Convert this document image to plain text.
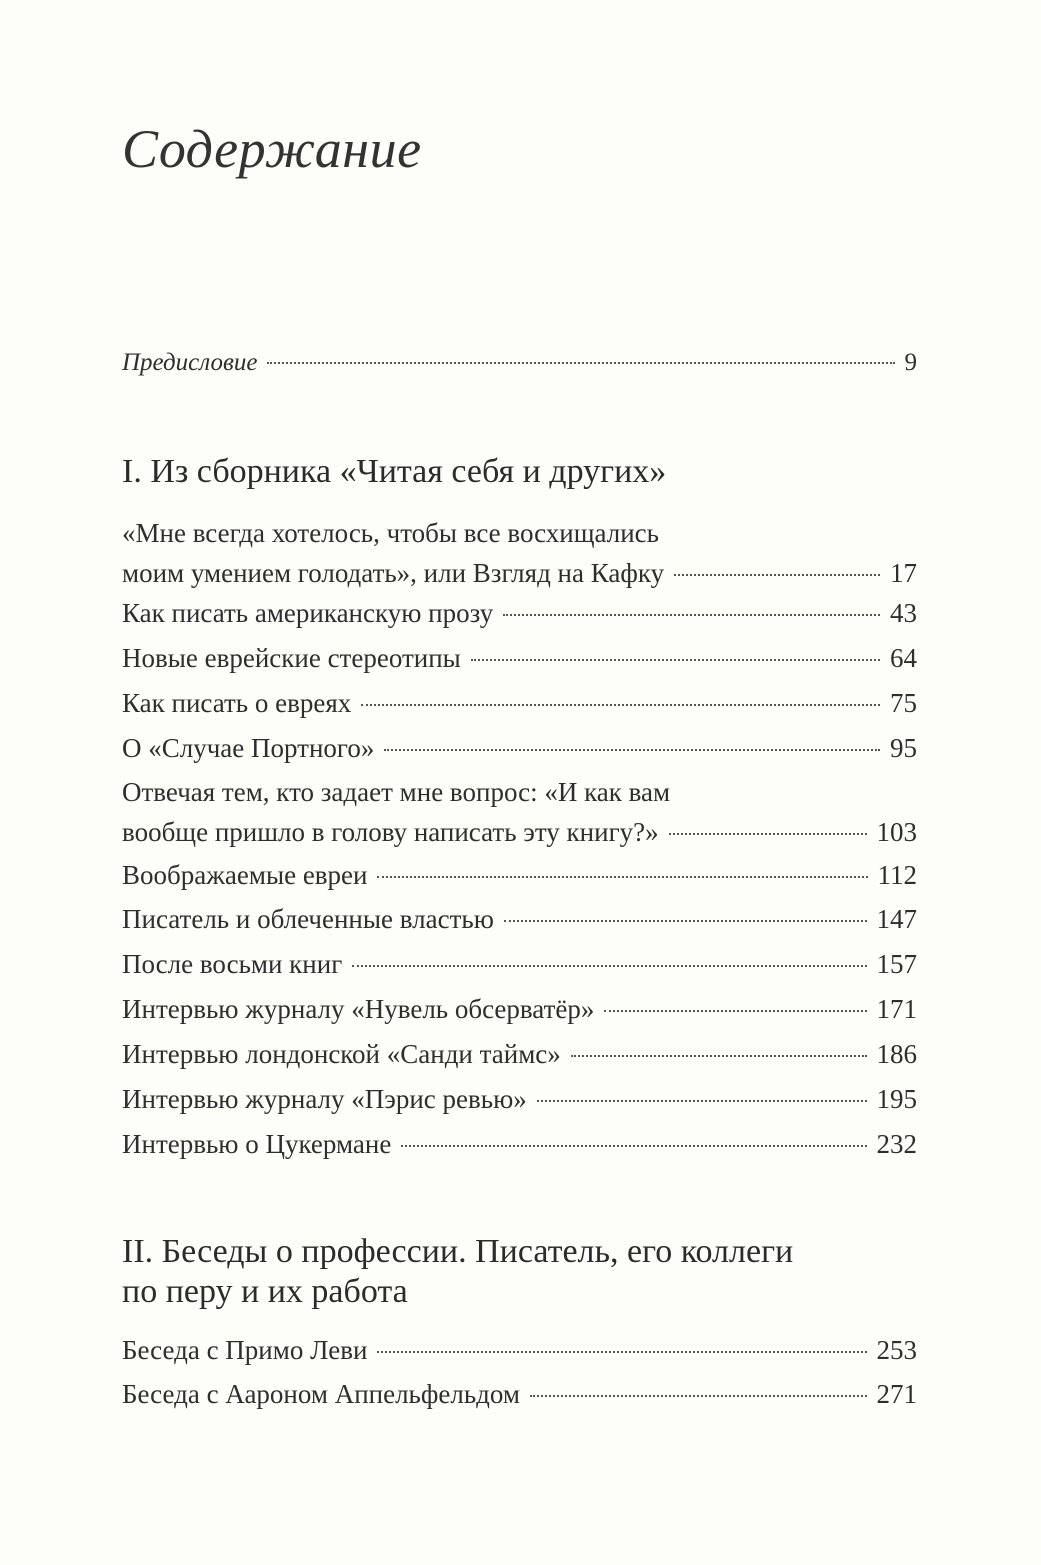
Содержание
Предисловие	9
I. Из сборника «Читая себя и других»
«Мне всегда хотелось, чтобы все восхищались
моим умением голодать», или Взгляд на Кафку	17
Как писать американскую прозу	43
Новые еврейские стереотипы	64
Как писать о евреях	75
О «Случае Портного»	95
Отвечая тем, кто задает мне вопрос: «И как вам
вообще пришло в голову написать эту книгу?»	103
Воображаемые евреи	112
Писатель и облеченные властью	147
После восьми книг	157
Интервью журналу «Нувель обсерватёр»	171
Интервью лондонской «Санди таймс»	186
Интервью журналу «Пэрис ревью»	195
Интервью о Цукермане	232
II. Беседы о профессии. Писатель, его коллеги
по перу и их работа
Беседа с Примо Леви	253
Беседа с Аароном Аппельфельдом	271
